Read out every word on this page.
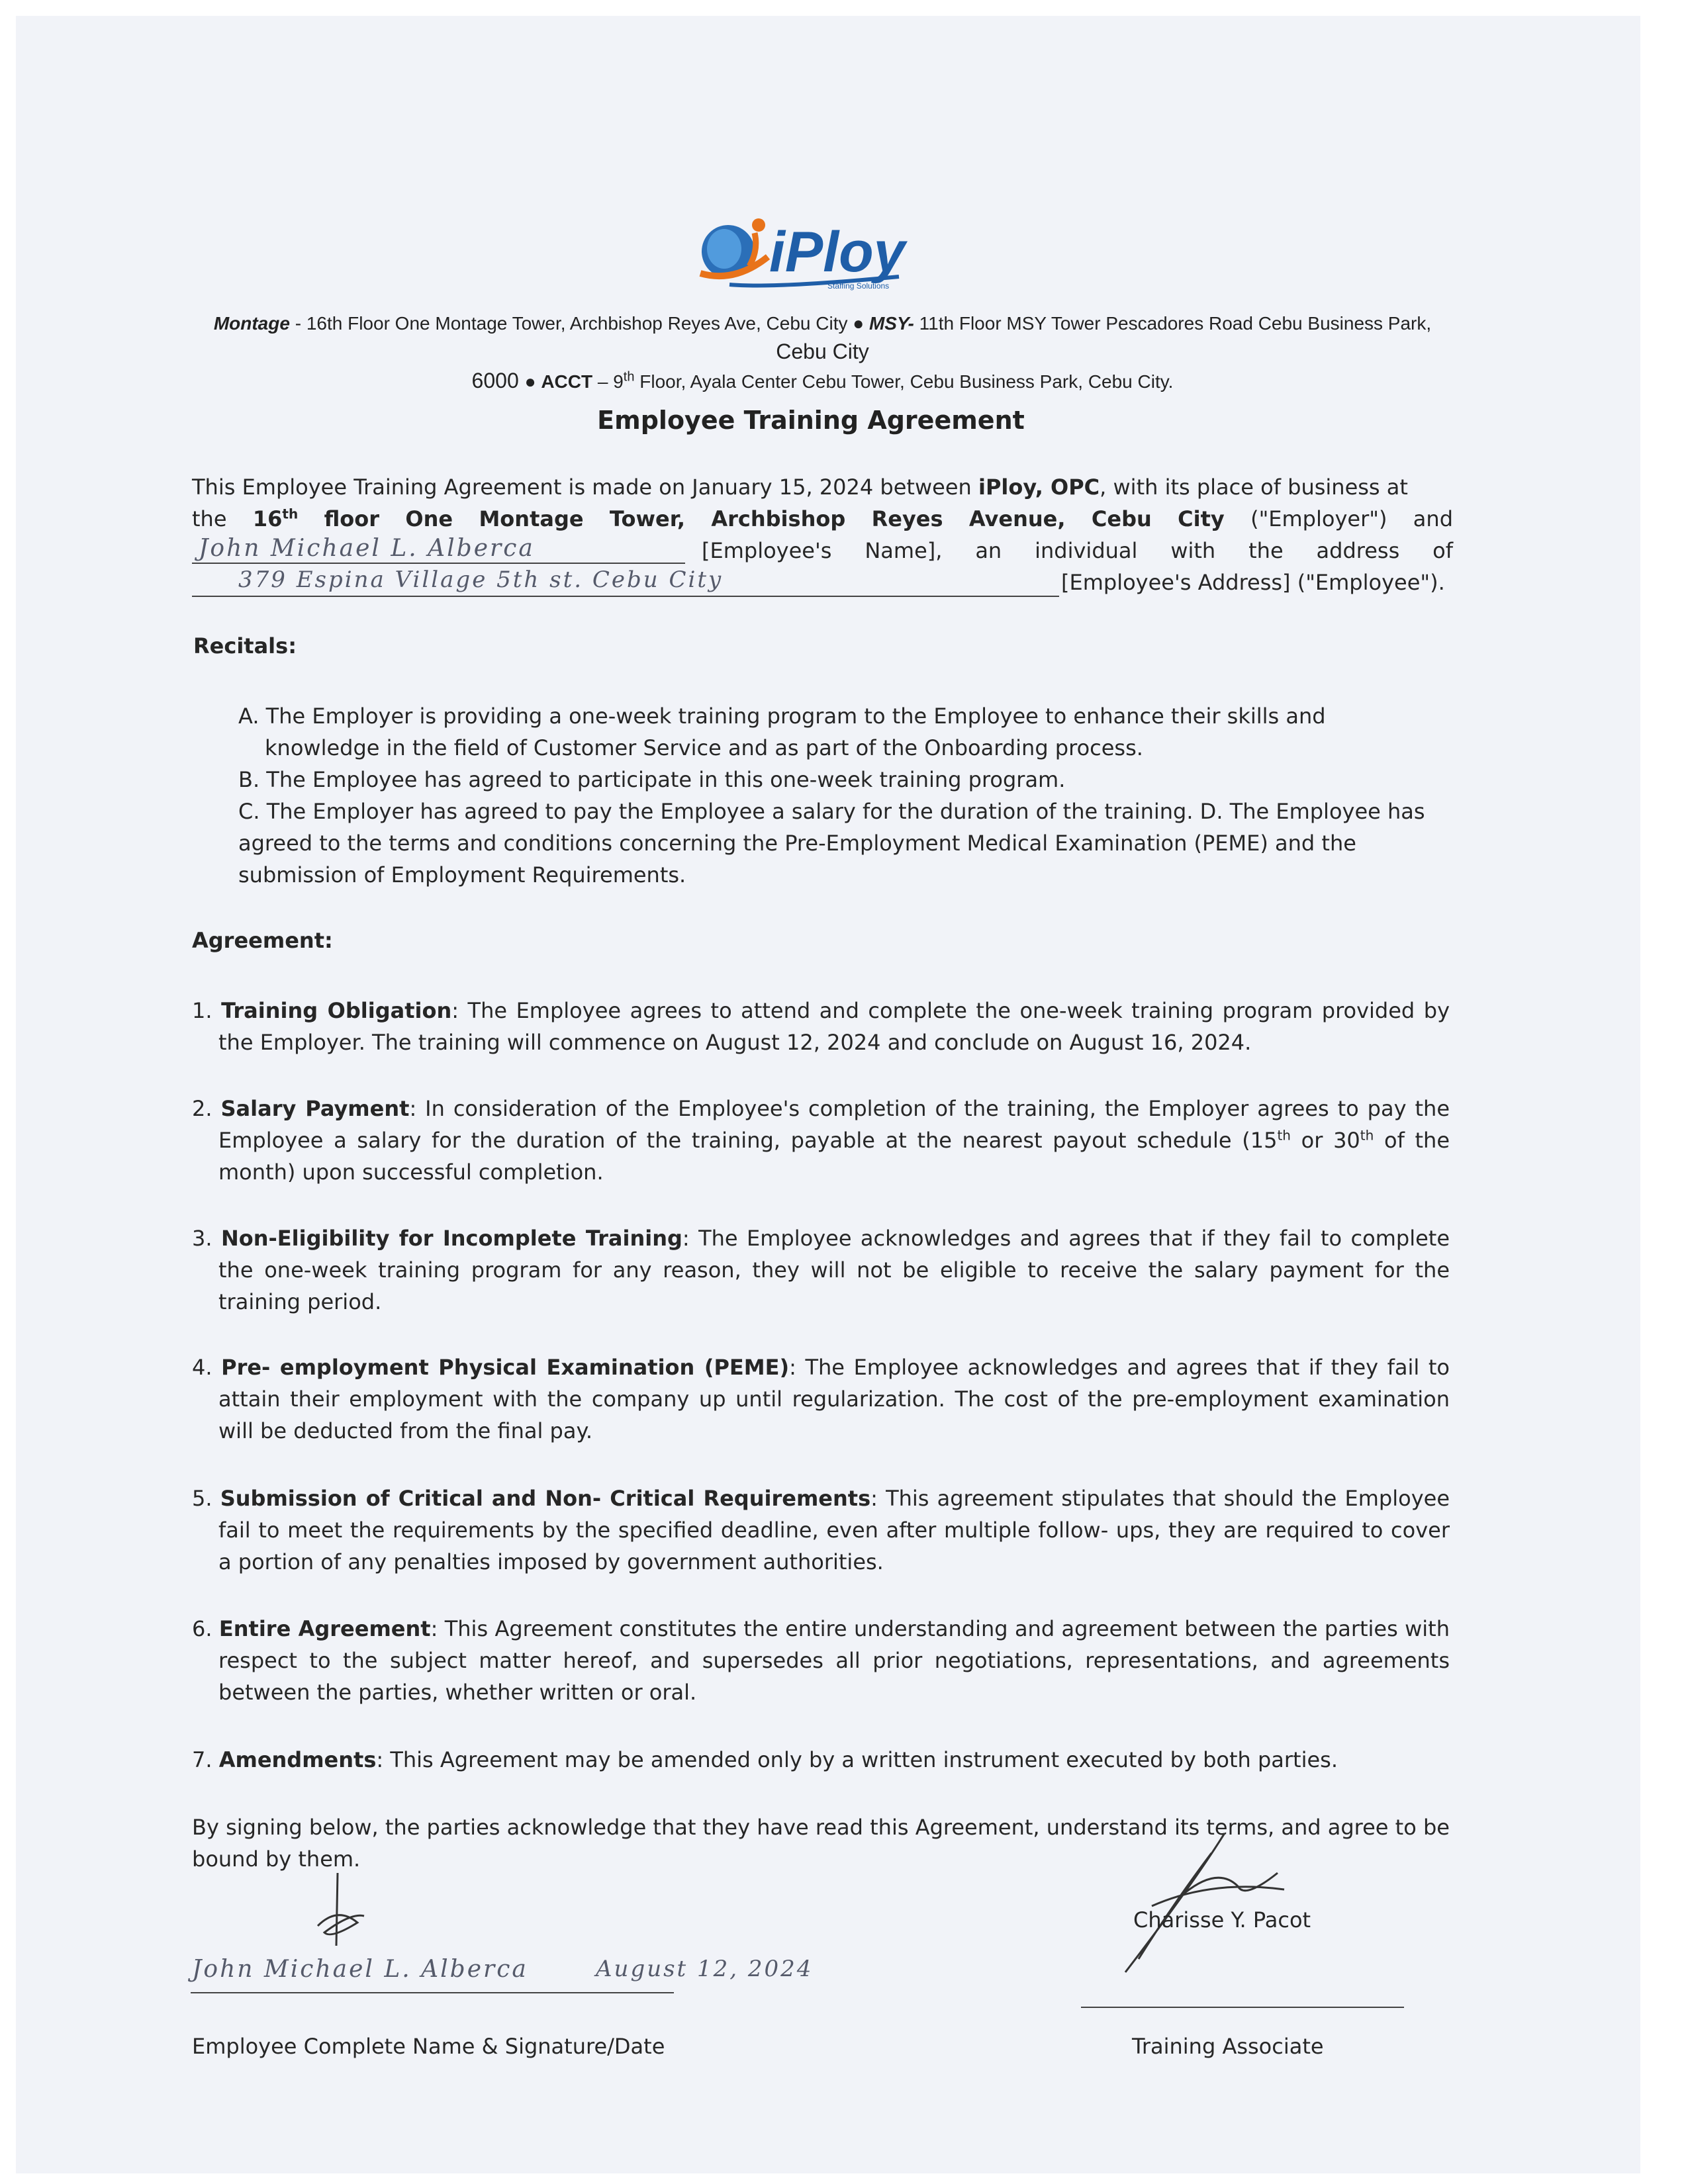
iPloy
Staffing Solutions
Montage - 16th Floor One Montage Tower, Archbishop Reyes Ave, Cebu City ● MSY- 11th Floor MSY Tower Pescadores Road Cebu Business Park, Cebu City
6000 ● ACCT – 9th Floor, Ayala Center Cebu Tower, Cebu Business Park, Cebu City.
Employee Training Agreement
This Employee Training Agreement is made on January 15, 2024 between iPloy, OPC, with its place of business at
the 16th floor One Montage Tower, Archbishop Reyes Avenue, Cebu City ("Employer") and
John Michael L. Alberca	[Employee's Name], an individual with the address of
379 Espina Village 5th st. Cebu City	[Employee's Address] ("Employee").
Recitals:
A. The Employer is providing a one-week training program to the Employee to enhance their skills and knowledge in the field of Customer Service and as part of the Onboarding process.
B. The Employee has agreed to participate in this one-week training program.
C. The Employer has agreed to pay the Employee a salary for the duration of the training. D. The Employee has agreed to the terms and conditions concerning the Pre-Employment Medical Examination (PEME) and the submission of Employment Requirements.
Agreement:
1. Training Obligation: The Employee agrees to attend and complete the one-week training program provided by the Employer. The training will commence on August 12, 2024 and conclude on August 16, 2024.
2. Salary Payment: In consideration of the Employee's completion of the training, the Employer agrees to pay the Employee a salary for the duration of the training, payable at the nearest payout schedule (15th or 30th of the month) upon successful completion.
3. Non-Eligibility for Incomplete Training: The Employee acknowledges and agrees that if they fail to complete the one-week training program for any reason, they will not be eligible to receive the salary payment for the training period.
4. Pre- employment Physical Examination (PEME): The Employee acknowledges and agrees that if they fail to attain their employment with the company up until regularization. The cost of the pre-employment examination will be deducted from the final pay.
5. Submission of Critical and Non- Critical Requirements: This agreement stipulates that should the Employee fail to meet the requirements by the specified deadline, even after multiple follow- ups, they are required to cover a portion of any penalties imposed by government authorities.
6. Entire Agreement: This Agreement constitutes the entire understanding and agreement between the parties with respect to the subject matter hereof, and supersedes all prior negotiations, representations, and agreements between the parties, whether written or oral.
7. Amendments: This Agreement may be amended only by a written instrument executed by both parties.
By signing below, the parties acknowledge that they have read this Agreement, understand its terms, and agree to be bound by them.
John Michael L. Alberca	August 12, 2024
Employee Complete Name & Signature/Date
Charisse Y. Pacot
Training Associate
